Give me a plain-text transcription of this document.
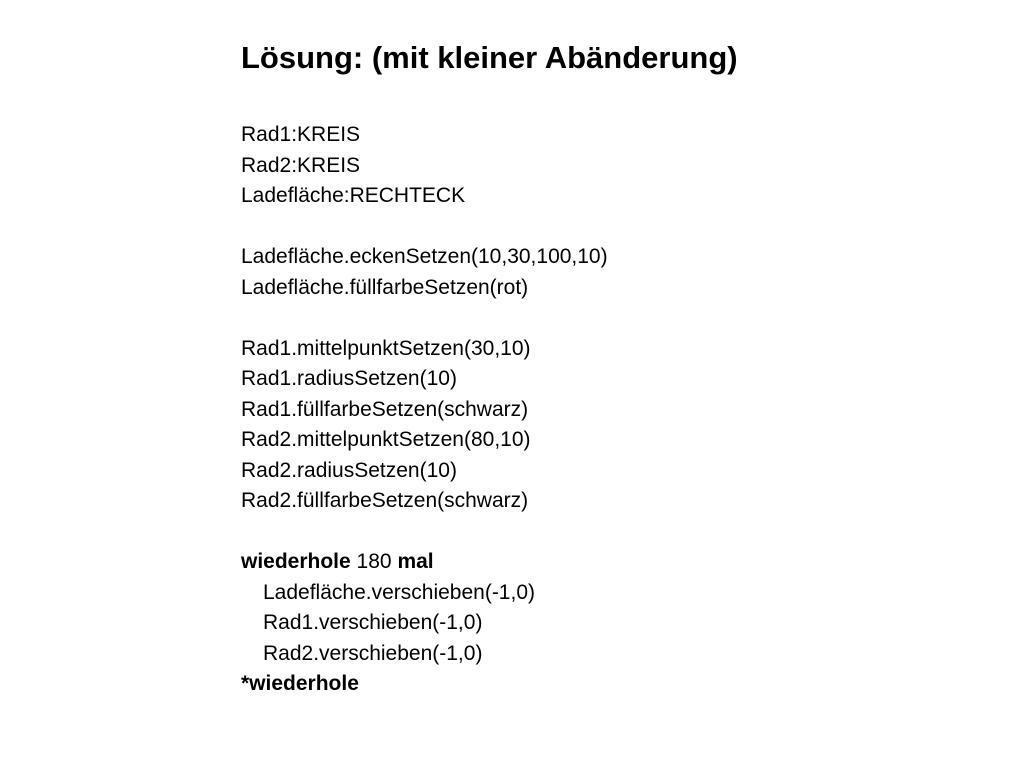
Lösung: (mit kleiner Abänderung)
Rad1:KREIS
Rad2:KREIS
Ladefläche:RECHTECK
Ladefläche.eckenSetzen(10,30,100,10)
Ladefläche.füllfarbeSetzen(rot)
Rad1.mittelpunktSetzen(30,10)
Rad1.radiusSetzen(10)
Rad1.füllfarbeSetzen(schwarz)
Rad2.mittelpunktSetzen(80,10)
Rad2.radiusSetzen(10)
Rad2.füllfarbeSetzen(schwarz)
wiederhole 180 mal
Ladefläche.verschieben(-1,0)
Rad1.verschieben(-1,0)
Rad2.verschieben(-1,0)
*wiederhole
